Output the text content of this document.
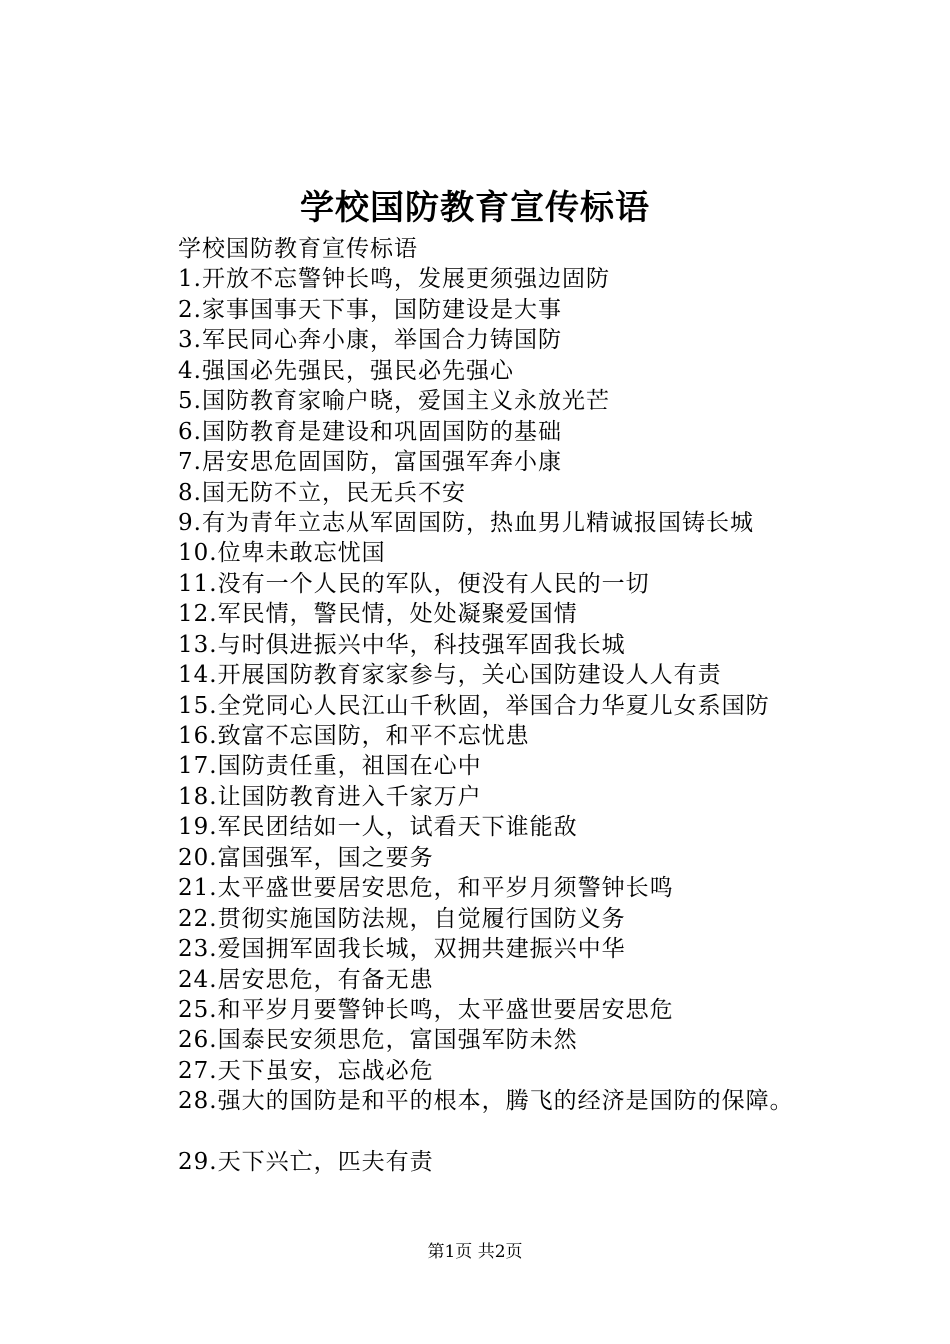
学校国防教育宣传标语
学校国防教育宣传标语
1.开放不忘警钟长鸣，发展更须强边固防
2.家事国事天下事，国防建设是大事
3.军民同心奔小康，举国合力铸国防
4.强国必先强民，强民必先强心
5.国防教育家喻户晓，爱国主义永放光芒
6.国防教育是建设和巩固国防的基础
7.居安思危固国防，富国强军奔小康
8.国无防不立，民无兵不安
9.有为青年立志从军固国防，热血男儿精诚报国铸长城
10.位卑未敢忘忧国
11.没有一个人民的军队，便没有人民的一切
12.军民情，警民情，处处凝聚爱国情
13.与时俱进振兴中华，科技强军固我长城
14.开展国防教育家家参与，关心国防建设人人有责
15.全党同心人民江山千秋固，举国合力华夏儿女系国防
16.致富不忘国防，和平不忘忧患
17.国防责任重，祖国在心中
18.让国防教育进入千家万户
19.军民团结如一人，试看天下谁能敌
20.富国强军，国之要务
21.太平盛世要居安思危，和平岁月须警钟长鸣
22.贯彻实施国防法规，自觉履行国防义务
23.爱国拥军固我长城，双拥共建振兴中华
24.居安思危，有备无患
25.和平岁月要警钟长鸣，太平盛世要居安思危
26.国泰民安须思危，富国强军防未然
27.天下虽安，忘战必危
28.强大的国防是和平的根本，腾飞的经济是国防的保障。
29.天下兴亡，匹夫有责
第1页 共2页
